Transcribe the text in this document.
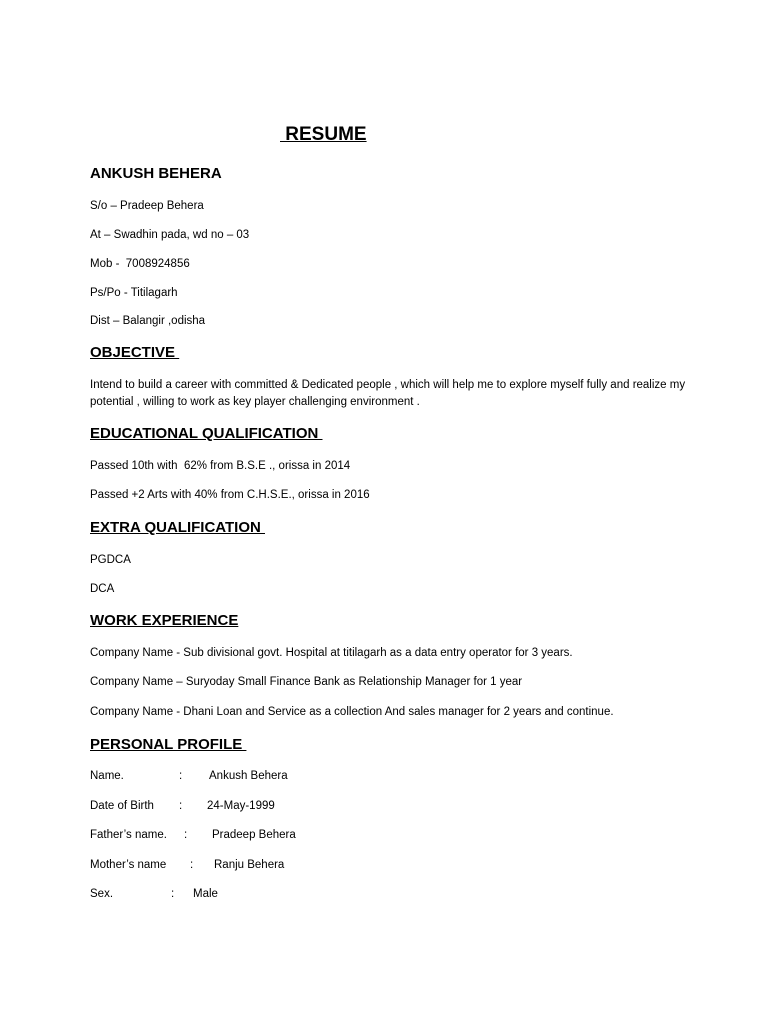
RESUME
ANKUSH BEHERA
S/o – Pradeep Behera
At – Swadhin pada, wd no – 03
Mob -  7008924856
Ps/Po - Titilagarh
Dist – Balangir ,odisha
OBJECTIVE
Intend to build a career with committed & Dedicated people , which will help me to explore myself fully and realize my potential , willing to work as key player challenging environment .
EDUCATIONAL QUALIFICATION
Passed 10th with  62% from B.S.E ., orissa in 2014
Passed +2 Arts with 40% from C.H.S.E., orissa in 2016
EXTRA QUALIFICATION
PGDCA
DCA
WORK EXPERIENCE
Company Name - Sub divisional govt. Hospital at titilagarh as a data entry operator for 3 years.
Company Name – Suryoday Small Finance Bank as Relationship Manager for 1 year
Company Name - Dhani Loan and Service as a collection And sales manager for 2 years and continue.
PERSONAL PROFILE
Name.	: Ankush Behera
Date of Birth : 24-May-1999
Father’s name. : Pradeep Behera
Mother’s name : Ranju Behera
Sex.	: Male
